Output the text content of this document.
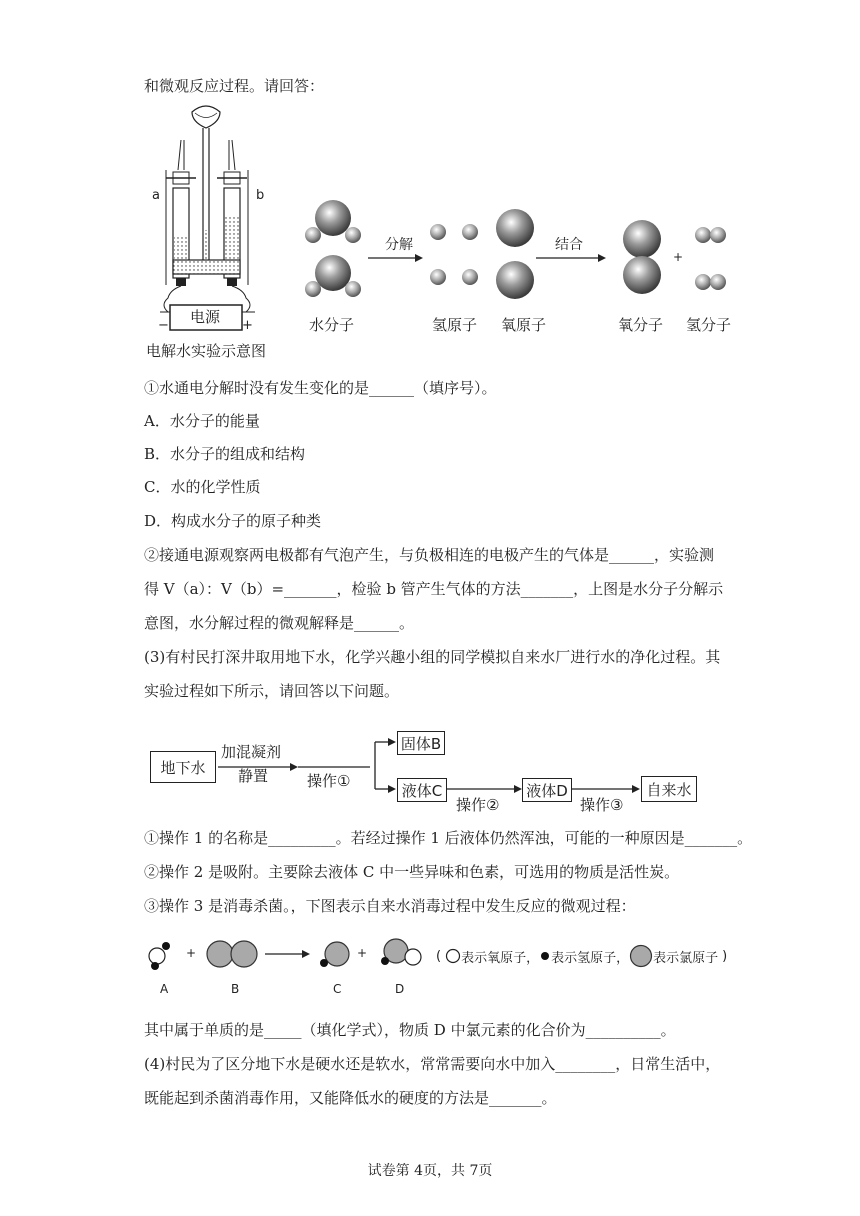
和微观反应过程。请回答：
a	b
电源
−	+
电解水实验示意图
分解	结合
+
水分子	氢原子 氧原子	氧分子 氢分子
①水通电分解时没有发生变化的是______（填序号）。
A．水分子的能量
B．水分子的组成和结构
C．水的化学性质
D．构成水分子的原子种类
②接通电源观察两电极都有气泡产生，与负极相连的电极产生的气体是______，实验测
得 V（a）：V（b）=_______，检验 b 管产生气体的方法_______，上图是水分子分解示
意图，水分解过程的微观解释是______。
(3)有村民打深井取用地下水，化学兴趣小组的同学模拟自来水厂进行水的净化过程。其
实验过程如下所示，请回答以下问题。
地下水
加混凝剂
静置	操作①
固体B
液体C
操作②
液体D
操作③
自来水
①操作 1 的名称是_________。若经过操作 1 后液体仍然浑浊，可能的一种原因是_______。
②操作 2 是吸附。主要除去液体 C 中一些异味和色素，可选用的物质是活性炭。
③操作 3 是消毒杀菌。，下图表示自来水消毒过程中发生反应的微观过程：
+	+
A	B	C	D
( 表示氧原子， 表示氢原子， 表示氯原子 )
其中属于单质的是_____（填化学式），物质 D 中氯元素的化合价为__________。
(4)村民为了区分地下水是硬水还是软水，常常需要向水中加入________，日常生活中，
既能起到杀菌消毒作用，又能降低水的硬度的方法是_______。
试卷第 4页，共 7页
